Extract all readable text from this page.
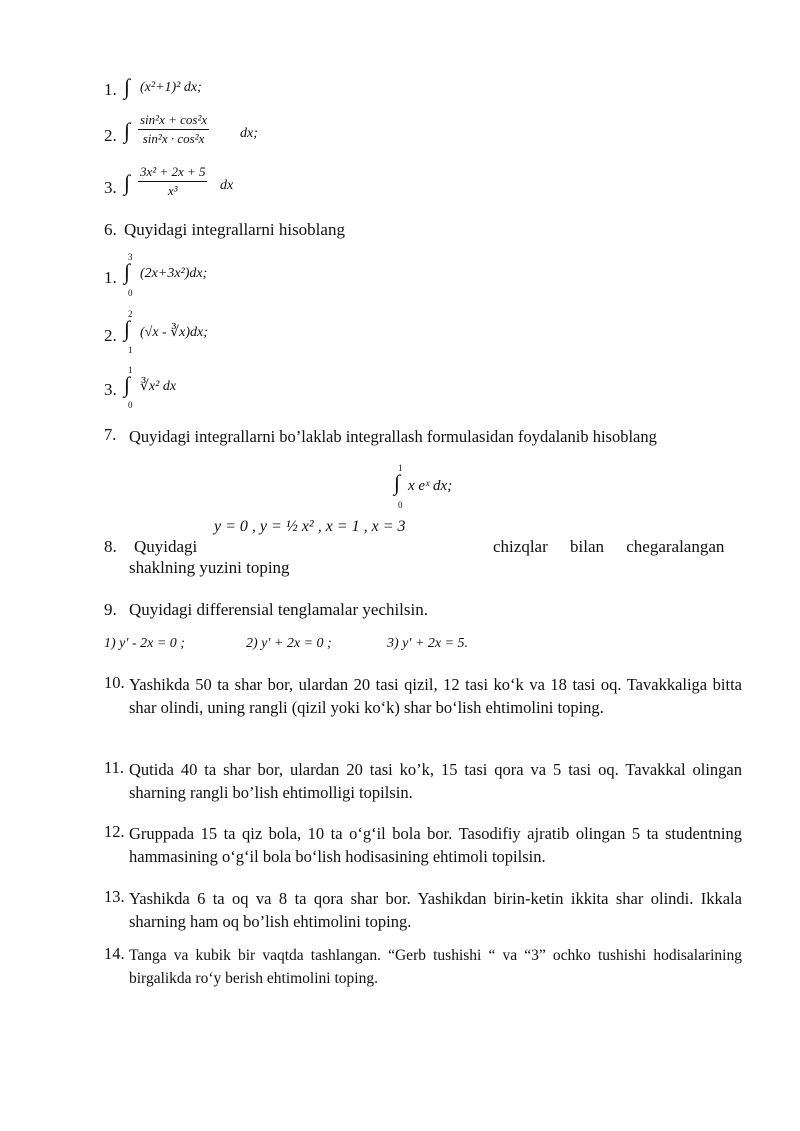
1. ∫ (x²+1)² dx;
2. ∫ $\frac{\text{sin²x + cos²x}}{\text{sin²x · cos²x}}$ dx;
3. ∫ $\frac{\text{3x² + 2x + 5}}{\text{x³}}$ dx
6. Quyidagi integrallarni hisoblang
1.
3
∫
0
(2x+3x²)dx;
2.
2
∫
1
(√x - ∛x)dx;
3.
1
∫
0
∛x² dx
7. Quyidagi integrallarni bo’laklab integrallash formulasidan foydalanib hisoblang
1
∫
0
x eˣ dx;
8. Quyidagi
y = 0 , y = ½ x² , x = 1 , x = 3
chizqlar bilan chegaralangan
shaklning yuzini toping
9. Quyidagi differensial tenglamalar yechilsin.
1) y′ - 2x = 0 ;	2) y′ + 2x = 0 ;	3) y′ + 2x = 5.
10. Yashikda 50 ta shar bor, ulardan 20 tasi qizil, 12 tasi ko‘k va 18 tasi oq. Tavakkaliga bitta shar olindi, uning rangli (qizil yoki ko‘k) shar bo‘lish ehtimolini toping.
11. Qutida 40 ta shar bor, ulardan 20 tasi ko’k, 15 tasi qora va 5 tasi oq. Tavakkal olingan sharning rangli bo’lish ehtimolligi topilsin.
12. Gruppada 15 ta qiz bola, 10 ta o‘g‘il bola bor. Tasodifiy ajratib olingan 5 ta studentning hammasining o‘g‘il bola bo‘lish hodisasining ehtimoli topilsin.
13. Yashikda 6 ta oq va 8 ta qora shar bor. Yashikdan birin-ketin ikkita shar olindi. Ikkala sharning ham oq bo’lish ehtimolini toping.
14. Tanga va kubik bir vaqtda tashlangan. “Gerb tushishi “ va “3” ochko tushishi hodisalarining birgalikda ro‘y berish ehtimolini toping.
